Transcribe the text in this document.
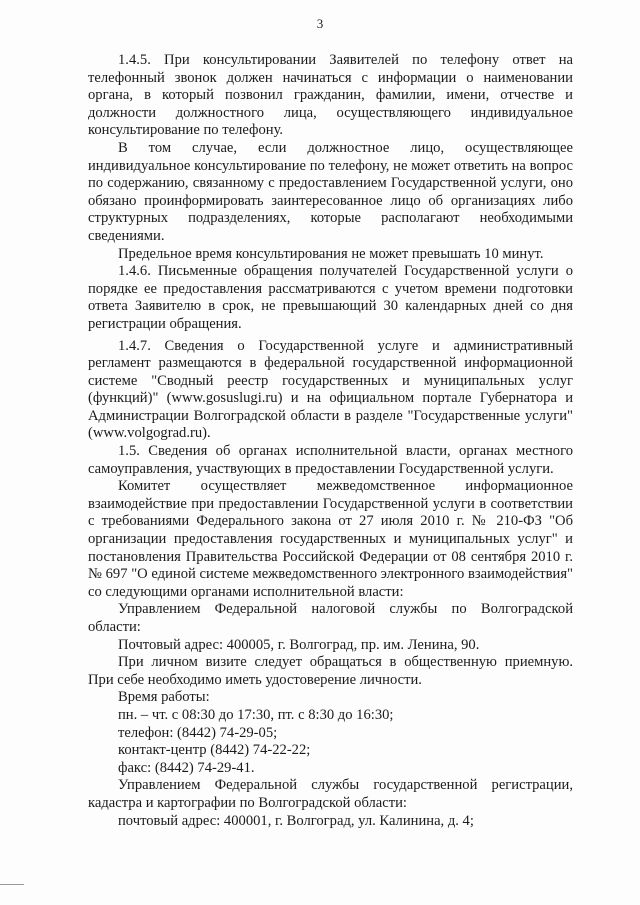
3

1.4.5. При консультировании Заявителей по телефону ответ на телефонный звонок должен начинаться с информации о наименовании органа, в который позвонил гражданин, фамилии, имени, отчестве и должности должностного лица, осуществляющего индивидуальное консультирование по телефону.

В том случае, если должностное лицо, осуществляющее индивидуальное консультирование по телефону, не может ответить на вопрос по содержанию, связанному с предоставлением Государственной услуги, оно обязано проинформировать заинтересованное лицо об организациях либо структурных подразделениях, которые располагают необходимыми сведениями.

Предельное время консультирования не может превышать 10 минут.

1.4.6. Письменные обращения получателей Государственной услуги о порядке ее предоставления рассматриваются с учетом времени подготовки ответа Заявителю в срок, не превышающий 30 календарных дней со дня регистрации обращения.

1.4.7. Сведения о Государственной услуге и административный регламент размещаются в федеральной государственной информационной системе "Сводный реестр государственных и муниципальных услуг (функций)" (www.gosuslugi.ru) и на официальном портале Губернатора и Администрации Волгоградской области в разделе "Государственные услуги" (www.volgograd.ru).

1.5. Сведения об органах исполнительной власти, органах местного самоуправления, участвующих в предоставлении Государственной услуги.

Комитет осуществляет межведомственное информационное взаимодействие при предоставлении Государственной услуги в соответствии с требованиями Федерального закона от 27 июля 2010 г. № 210-ФЗ "Об организации предоставления государственных и муниципальных услуг" и постановления Правительства Российской Федерации от 08 сентября 2010 г. № 697 "О единой системе межведомственного электронного взаимодействия" со следующими органами исполнительной власти:

Управлением Федеральной налоговой службы по Волгоградской области:

Почтовый адрес: 400005, г. Волгоград, пр. им. Ленина, 90.

При личном визите следует обращаться в общественную приемную. При себе необходимо иметь удостоверение личности.

Время работы:

пн. – чт. с 08:30 до 17:30, пт. с 8:30 до 16:30;

телефон: (8442) 74-29-05;

контакт-центр (8442) 74-22-22;

факс: (8442) 74-29-41.

Управлением Федеральной службы государственной регистрации, кадастра и картографии по Волгоградской области:

почтовый адрес: 400001, г. Волгоград, ул. Калинина, д. 4;
